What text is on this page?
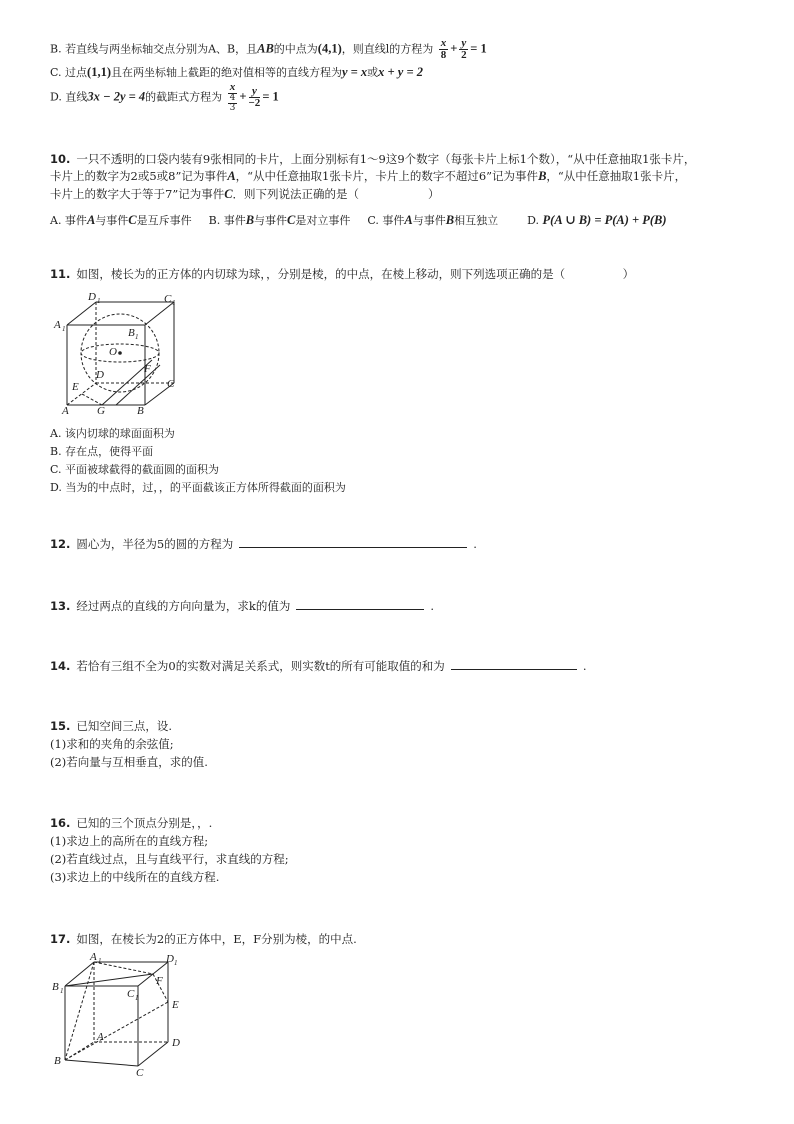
B. 若直线与两坐标轴交点分别为A、B，且AB的中点为(4,1)，则直线l的方程为 $\frac{x}{8} + \frac{y}{2} = 1$
C. 过点(1,1)且在两坐标轴上截距的绝对值相等的直线方程为y = x或x + y = 2
D. 直线3x − 2y = 4的截距式方程为 x
4
$3 + \frac{y}{-2} = 1$
10. 一只不透明的口袋内装有9张相同的卡片，上面分别标有1～9这9个数字（每张卡片上标1个数），“从中任意抽取1张卡片，
卡片上的数字为2或5或8”记为事件A，“从中任意抽取1张卡片，卡片上的数字不超过6”记为事件B，“从中任意抽取1张卡片，
卡片上的数字大于等于7”记为事件C．则下列说法正确的是（　　　　　　）
A. 事件A与事件C是互斥事件 B. 事件B与事件C是对立事件 C. 事件A与事件B相互独立	D. P(A ∪ B) = P(A) + P(B)
11. 如图，棱长为的正方体的内切球为球，，分别是棱，的中点，在棱上移动，则下列选项正确的是（　　　　　）
D 1	C 1
A 1	B 1
O
D	F
E	C
A	G	B
A. 该内切球的球面面积为
B. 存在点，使得平面
C. 平面被球截得的截面圆的面积为
D. 当为的中点时，过，，的平面截该正方体所得截面的面积为
12. 圆心为，半径为5的圆的方程为	.
13. 经过两点的直线的方向向量为，求k的值为	.
14. 若恰有三组不全为0的实数对满足关系式，则实数t的所有可能取值的和为	.
15. 已知空间三点，设.
(1)求和的夹角的余弦值;
(2)若向量与互相垂直，求的值.
16. 已知的三个顶点分别是，，.
(1)求边上的高所在的直线方程;
(2)若直线过点，且与直线平行，求直线的方程;
(3)求边上的中线所在的直线方程.
17. 如图，在棱长为2的正方体中，E，F分别为棱，的中点.
A 1	D 1
B 1	C 1
F
E
A	D
B
C
